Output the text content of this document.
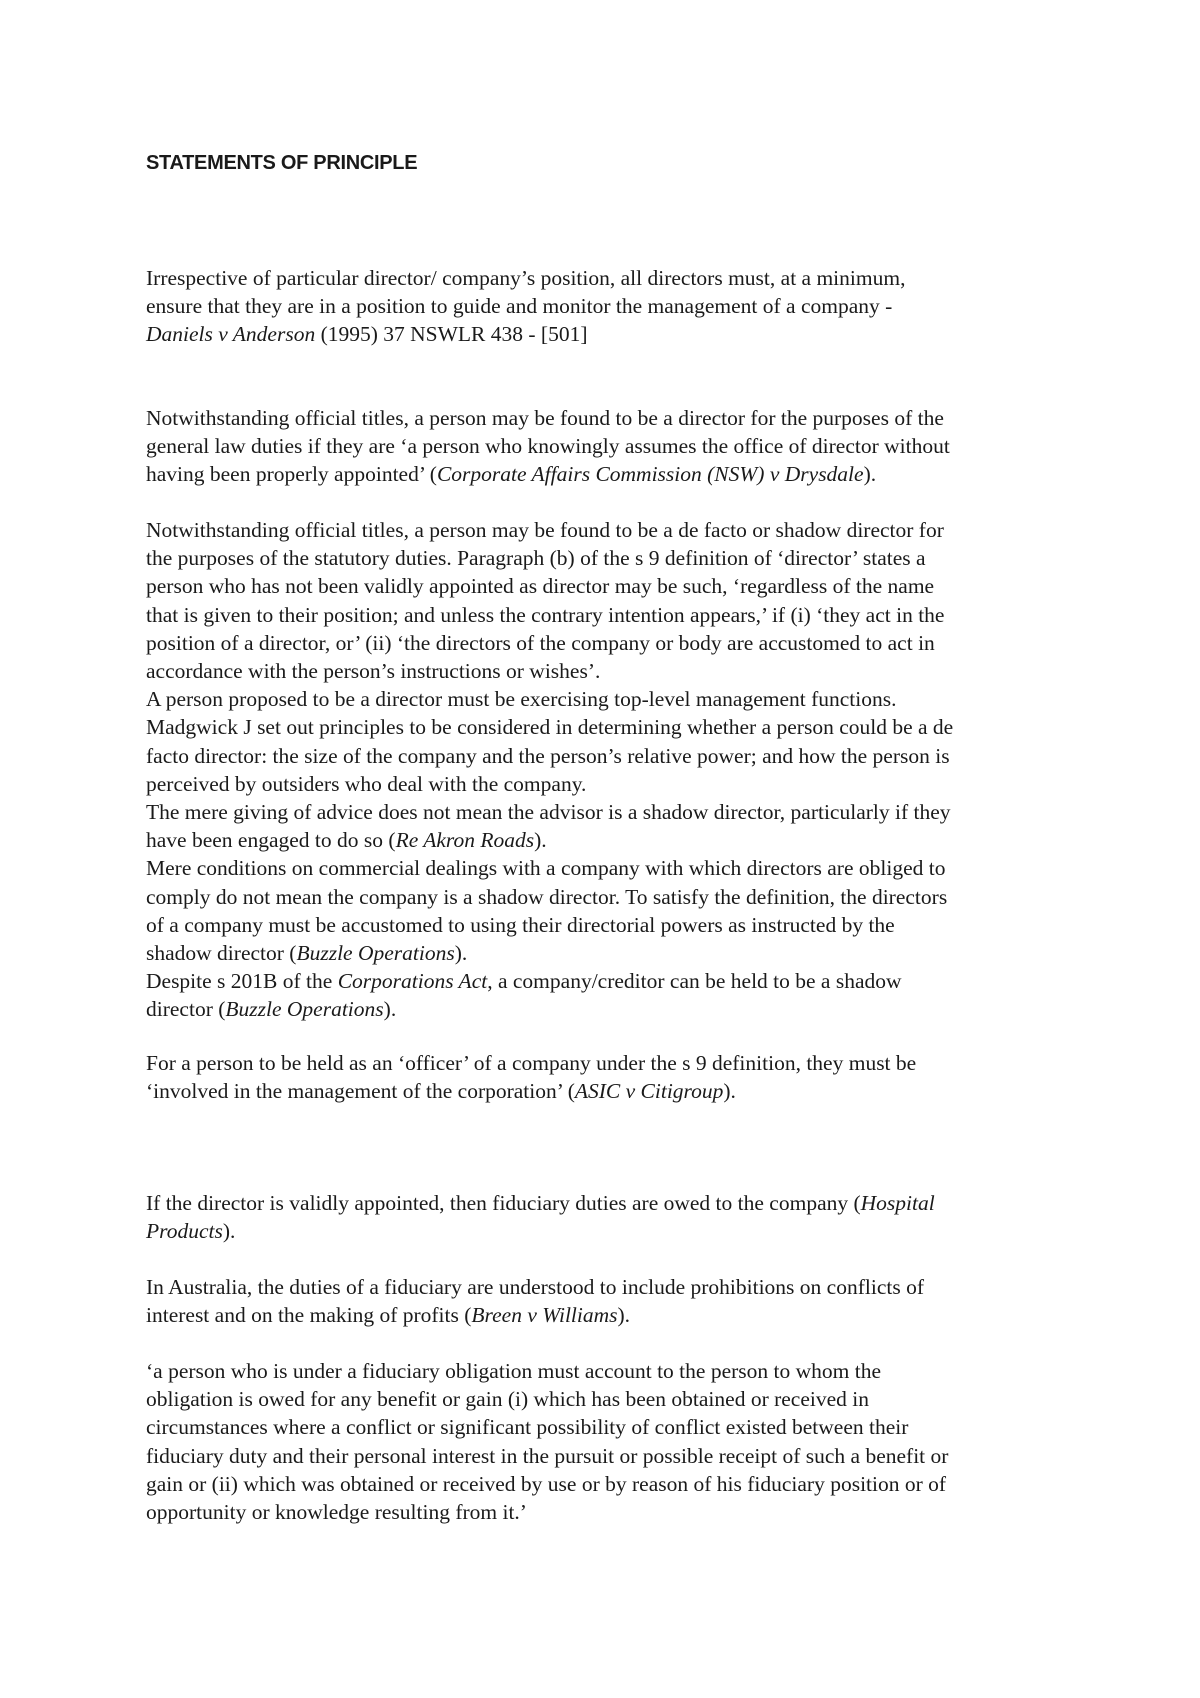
STATEMENTS OF PRINCIPLE

Irrespective of particular director/ company’s position, all directors must, at a minimum,
ensure that they are in a position to guide and monitor the management of a company -
Daniels v Anderson (1995) 37 NSWLR 438 - [501]

Notwithstanding official titles, a person may be found to be a director for the purposes of the
general law duties if they are ‘a person who knowingly assumes the office of director without
having been properly appointed’ (Corporate Affairs Commission (NSW) v Drysdale).

Notwithstanding official titles, a person may be found to be a de facto or shadow director for
the purposes of the statutory duties. Paragraph (b) of the s 9 definition of ‘director’ states a
person who has not been validly appointed as director may be such, ‘regardless of the name
that is given to their position; and unless the contrary intention appears,’ if (i) ‘they act in the
position of a director, or’ (ii) ‘the directors of the company or body are accustomed to act in
accordance with the person’s instructions or wishes’.
A person proposed to be a director must be exercising top-level management functions.
Madgwick J set out principles to be considered in determining whether a person could be a de
facto director: the size of the company and the person’s relative power; and how the person is
perceived by outsiders who deal with the company.
The mere giving of advice does not mean the advisor is a shadow director, particularly if they
have been engaged to do so (Re Akron Roads).
Mere conditions on commercial dealings with a company with which directors are obliged to
comply do not mean the company is a shadow director. To satisfy the definition, the directors
of a company must be accustomed to using their directorial powers as instructed by the
shadow director (Buzzle Operations).
Despite s 201B of the Corporations Act, a company/creditor can be held to be a shadow
director (Buzzle Operations).

For a person to be held as an ‘officer’ of a company under the s 9 definition, they must be
‘involved in the management of the corporation’ (ASIC v Citigroup).

If the director is validly appointed, then fiduciary duties are owed to the company (Hospital
Products).

In Australia, the duties of a fiduciary are understood to include prohibitions on conflicts of
interest and on the making of profits (Breen v Williams).

‘a person who is under a fiduciary obligation must account to the person to whom the
obligation is owed for any benefit or gain (i) which has been obtained or received in
circumstances where a conflict or significant possibility of conflict existed between their
fiduciary duty and their personal interest in the pursuit or possible receipt of such a benefit or
gain or (ii) which was obtained or received by use or by reason of his fiduciary position or of
opportunity or knowledge resulting from it.’
